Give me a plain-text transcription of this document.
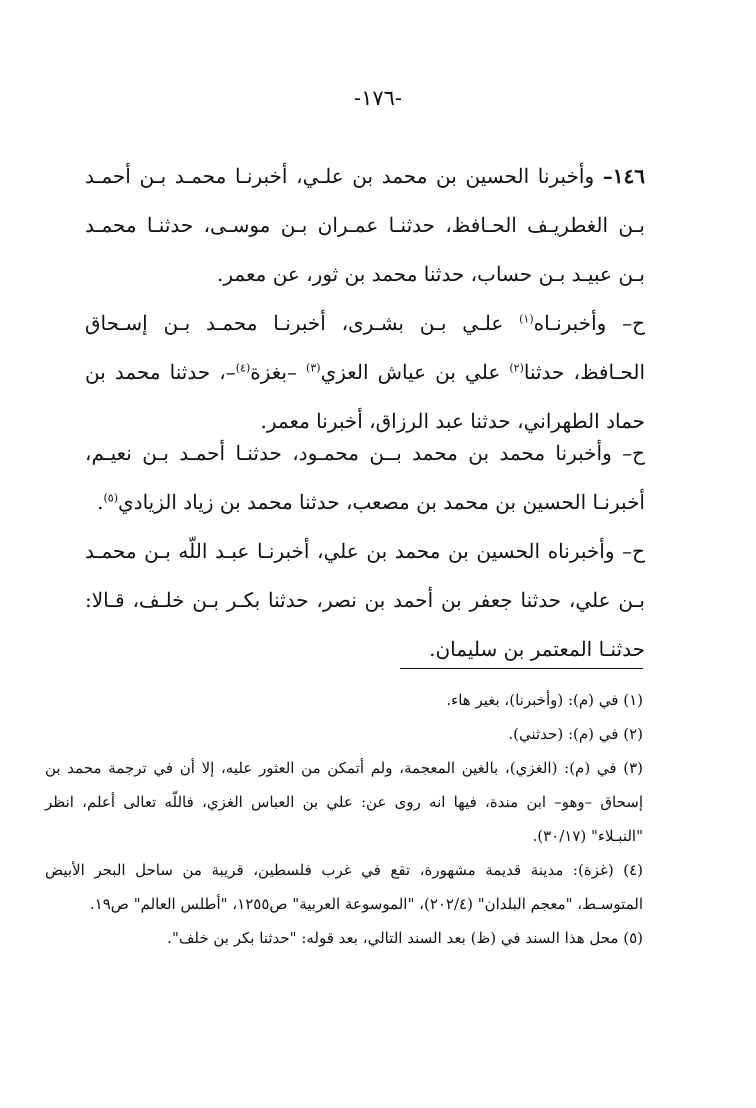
-١٧٦-

١٤٦– وأخبرنا الحسين بن محمد بن علـي، أخبرنـا محمـد بـن أحمـد بـن الغطريـف الحـافظ، حدثنـا عمـران بـن موسـى، حدثنـا محمـد بـن عبيـد بـن حساب، حدثنا محمد بن ثور، عن معمر.

ح– وأخبرنـاه$^{(١)}$ علـي بـن بشـرى، أخبرنـا محمـد بـن إسـحاق الحـافظ، حدثنا$^{(٢)}$ علي بن عياش العزي$^{(٣)}$ –بغزة$^{(٤)}$–، حدثنا محمد بن حماد الطهراني، حدثنا عبد الرزاق، أخبرنا معمر.

ح– وأخبرنا محمد بن محمد بــن محمـود، حدثنـا أحمـد بـن نعيـم، أخبرنـا الحسين بن محمد بن مصعب، حدثنا محمد بن زياد الزيادي$^{(٥)}$.

ح– وأخبرناه الحسين بن محمد بن علي، أخبرنـا عبـد اللّه بـن محمـد بـن علي، حدثنا جعفر بن أحمد بن نصر، حدثنا بكـر بـن خلـف، قـالا: حدثنـا المعتمر بن سليمان.

(١) في (م): (وأخبرنا)، بغير هاء.

(٢) في (م): (حدثني).

(٣) في (م): (الغزي)، بالغين المعجمة، ولم أتمكن من العثور عليه، إلا أن في ترجمة محمد بن إسحاق –وهو– ابن مندة، فيها انه روى عن: علي بن العباس الغزي، فاللّه تعالى أعلم، انظر "النبـلاء" (٣٠/١٧).

(٤) (غزة): مدينة قديمة مشهورة، تقع في غرب فلسطين، قريبة من ساحل البحر الأبيض المتوسـط، "معجم البلدان" (٢٠٢/٤)، "الموسوعة العربية" ص١٢٥٥، "أطلس العالم" ص١٩.

(٥) محل هذا السند في (ظ) بعد السند التالي، بعد قوله: "حدثنا بكر بن خلف".
